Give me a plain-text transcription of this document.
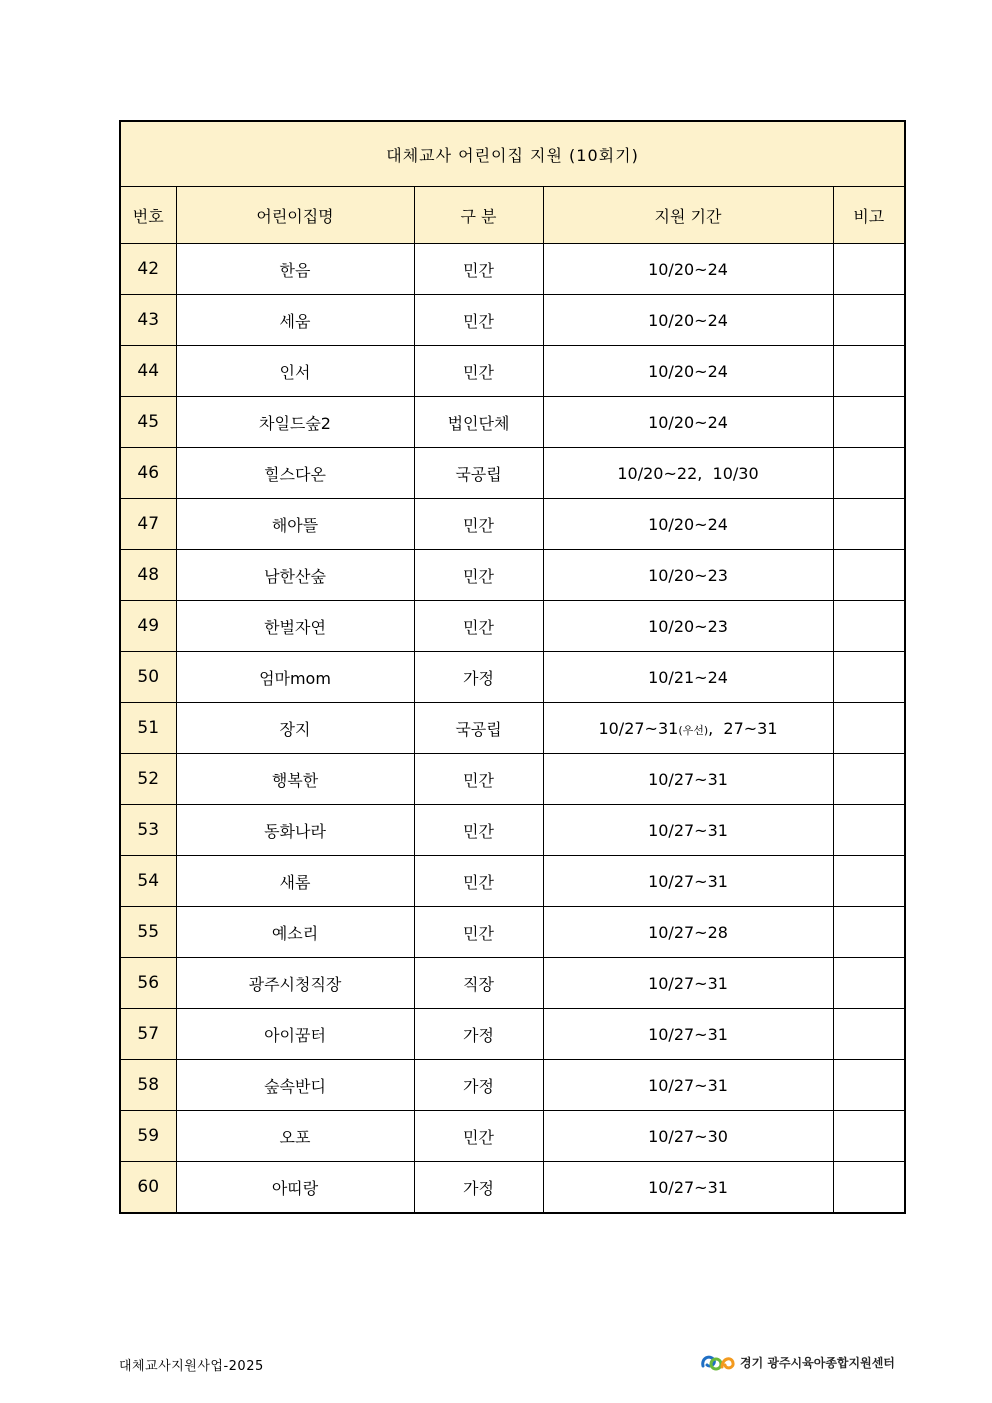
대체교사 어린이집 지원 (10회기)				
번호	어린이집명	구 분	지원 기간	비고
42	한음	민간	10/20~24	
43	세움	민간	10/20~24	
44	인서	민간	10/20~24	
45	차일드숲2	법인단체	10/20~24	
46	힐스다온	국공립	10/20~22,  10/30	
47	해아뜰	민간	10/20~24	
48	남한산숲	민간	10/20~23	
49	한벌자연	민간	10/20~23	
50	엄마mom	가정	10/21~24	
51	장지	국공립	10/27~31(우선),  27~31	
52	행복한	민간	10/27~31	
53	동화나라	민간	10/27~31	
54	새롬	민간	10/27~31	
55	예소리	민간	10/27~28	
56	광주시청직장	직장	10/27~31	
57	아이꿈터	가정	10/27~31	
58	숲속반디	가정	10/27~31	
59	오포	민간	10/27~30	
60	아띠랑	가정	10/27~31	
대체교사지원사업-2025	경기 광주시육아종합지원센터
